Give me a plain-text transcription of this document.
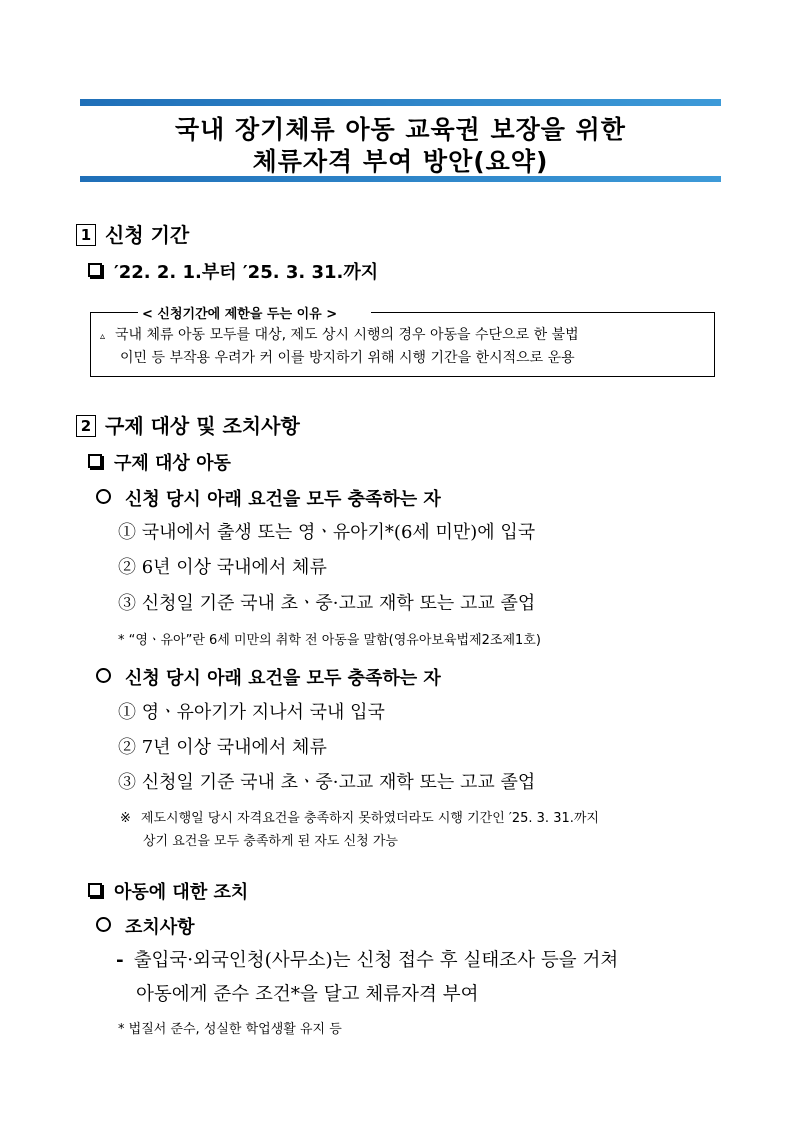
국내 장기체류 아동 교육권 보장을 위한
체류자격 부여 방안(요약)
1 신청 기간
′22. 2. 1.부터 ′25. 3. 31.까지
< 신청기간에 제한을 두는 이유 >
▵ 국내 체류 아동 모두를 대상, 제도 상시 시행의 경우 아동을 수단으로 한 불법
이민 등 부작용 우려가 커 이를 방지하기 위해 시행 기간을 한시적으로 운용
2 구제 대상 및 조치사항
구제 대상 아동
신청 당시 아래 요건을 모두 충족하는 자
① 국내에서 출생 또는 영ㆍ유아기*(6세 미만)에 입국
② 6년 이상 국내에서 체류
③ 신청일 기준 국내 초ㆍ중·고교 재학 또는 고교 졸업
* “영ㆍ유아”란 6세 미만의 취학 전 아동을 말함(영유아보육법제2조제1호)
신청 당시 아래 요건을 모두 충족하는 자
① 영ㆍ유아기가 지나서 국내 입국
② 7년 이상 국내에서 체류
③ 신청일 기준 국내 초ㆍ중·고교 재학 또는 고교 졸업
※ 제도시행일 당시 자격요건을 충족하지 못하였더라도 시행 기간인 ′25. 3. 31.까지
상기 요건을 모두 충족하게 된 자도 신청 가능
아동에 대한 조치
조치사항
- 출입국·외국인청(사무소)는 신청 접수 후 실태조사 등을 거쳐
아동에게 준수 조건*을 달고 체류자격 부여
* 법질서 준수, 성실한 학업생활 유지 등
